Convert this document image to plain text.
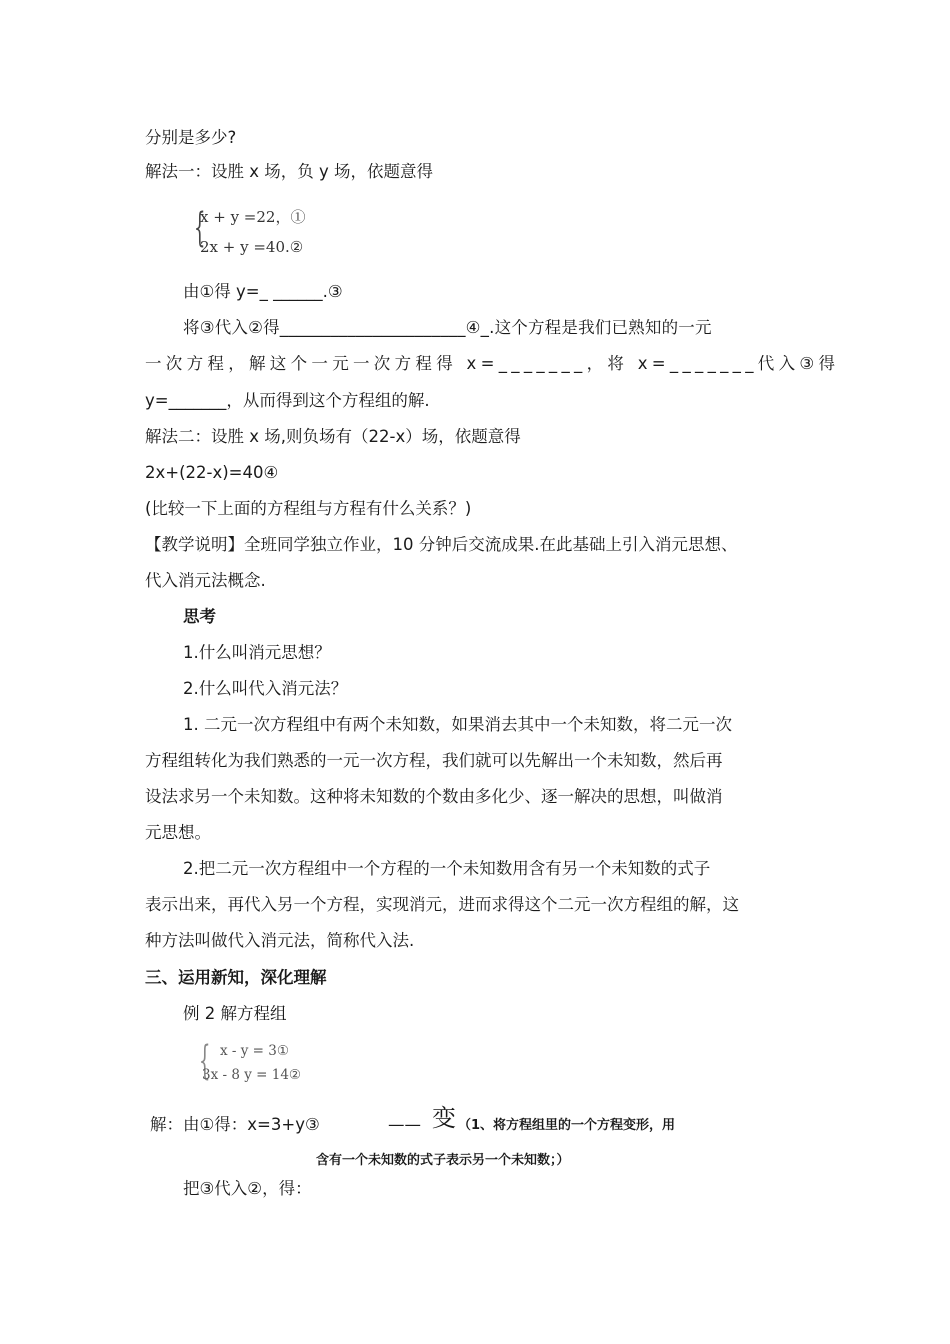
分别是多少?
解法一：设胜 x 场，负 y 场，依题意得
{
x + y =22，①
2x + y =40.②
由①得 y=_ ______.③
将③代入②得______________________④_.这个方程是我们已熟知的一元
一次方程，解这个一元一次方程得 x=_______，将 x=_______代入③得
y=_______，从而得到这个方程组的解.
解法二：设胜 x 场,则负场有（22-x）场，依题意得
2x+(22-x)=40④
(比较一下上面的方程组与方程有什么关系？)
【教学说明】全班同学独立作业，10 分钟后交流成果.在此基础上引入消元思想、
代入消元法概念.
思考
1.什么叫消元思想？
2.什么叫代入消元法？
1. 二元一次方程组中有两个未知数，如果消去其中一个未知数，将二元一次
方程组转化为我们熟悉的一元一次方程，我们就可以先解出一个未知数，然后再
设法求另一个未知数。这种将未知数的个数由多化少、逐一解决的思想，叫做消
元思想。
2.把二元一次方程组中一个方程的一个未知数用含有另一个未知数的式子
表示出来，再代入另一个方程，实现消元，进而求得这个二元一次方程组的解，这
种方法叫做代入消元法，简称代入法.
三、运用新知，深化理解
例 2 解方程组
{ x - y = 3①
3x - 8 y = 14②
解：由①得：x=3+y③	—— 变 （1、将方程组里的一个方程变形，用
含有一个未知数的式子表示另一个未知数；）
把③代入②，得：
